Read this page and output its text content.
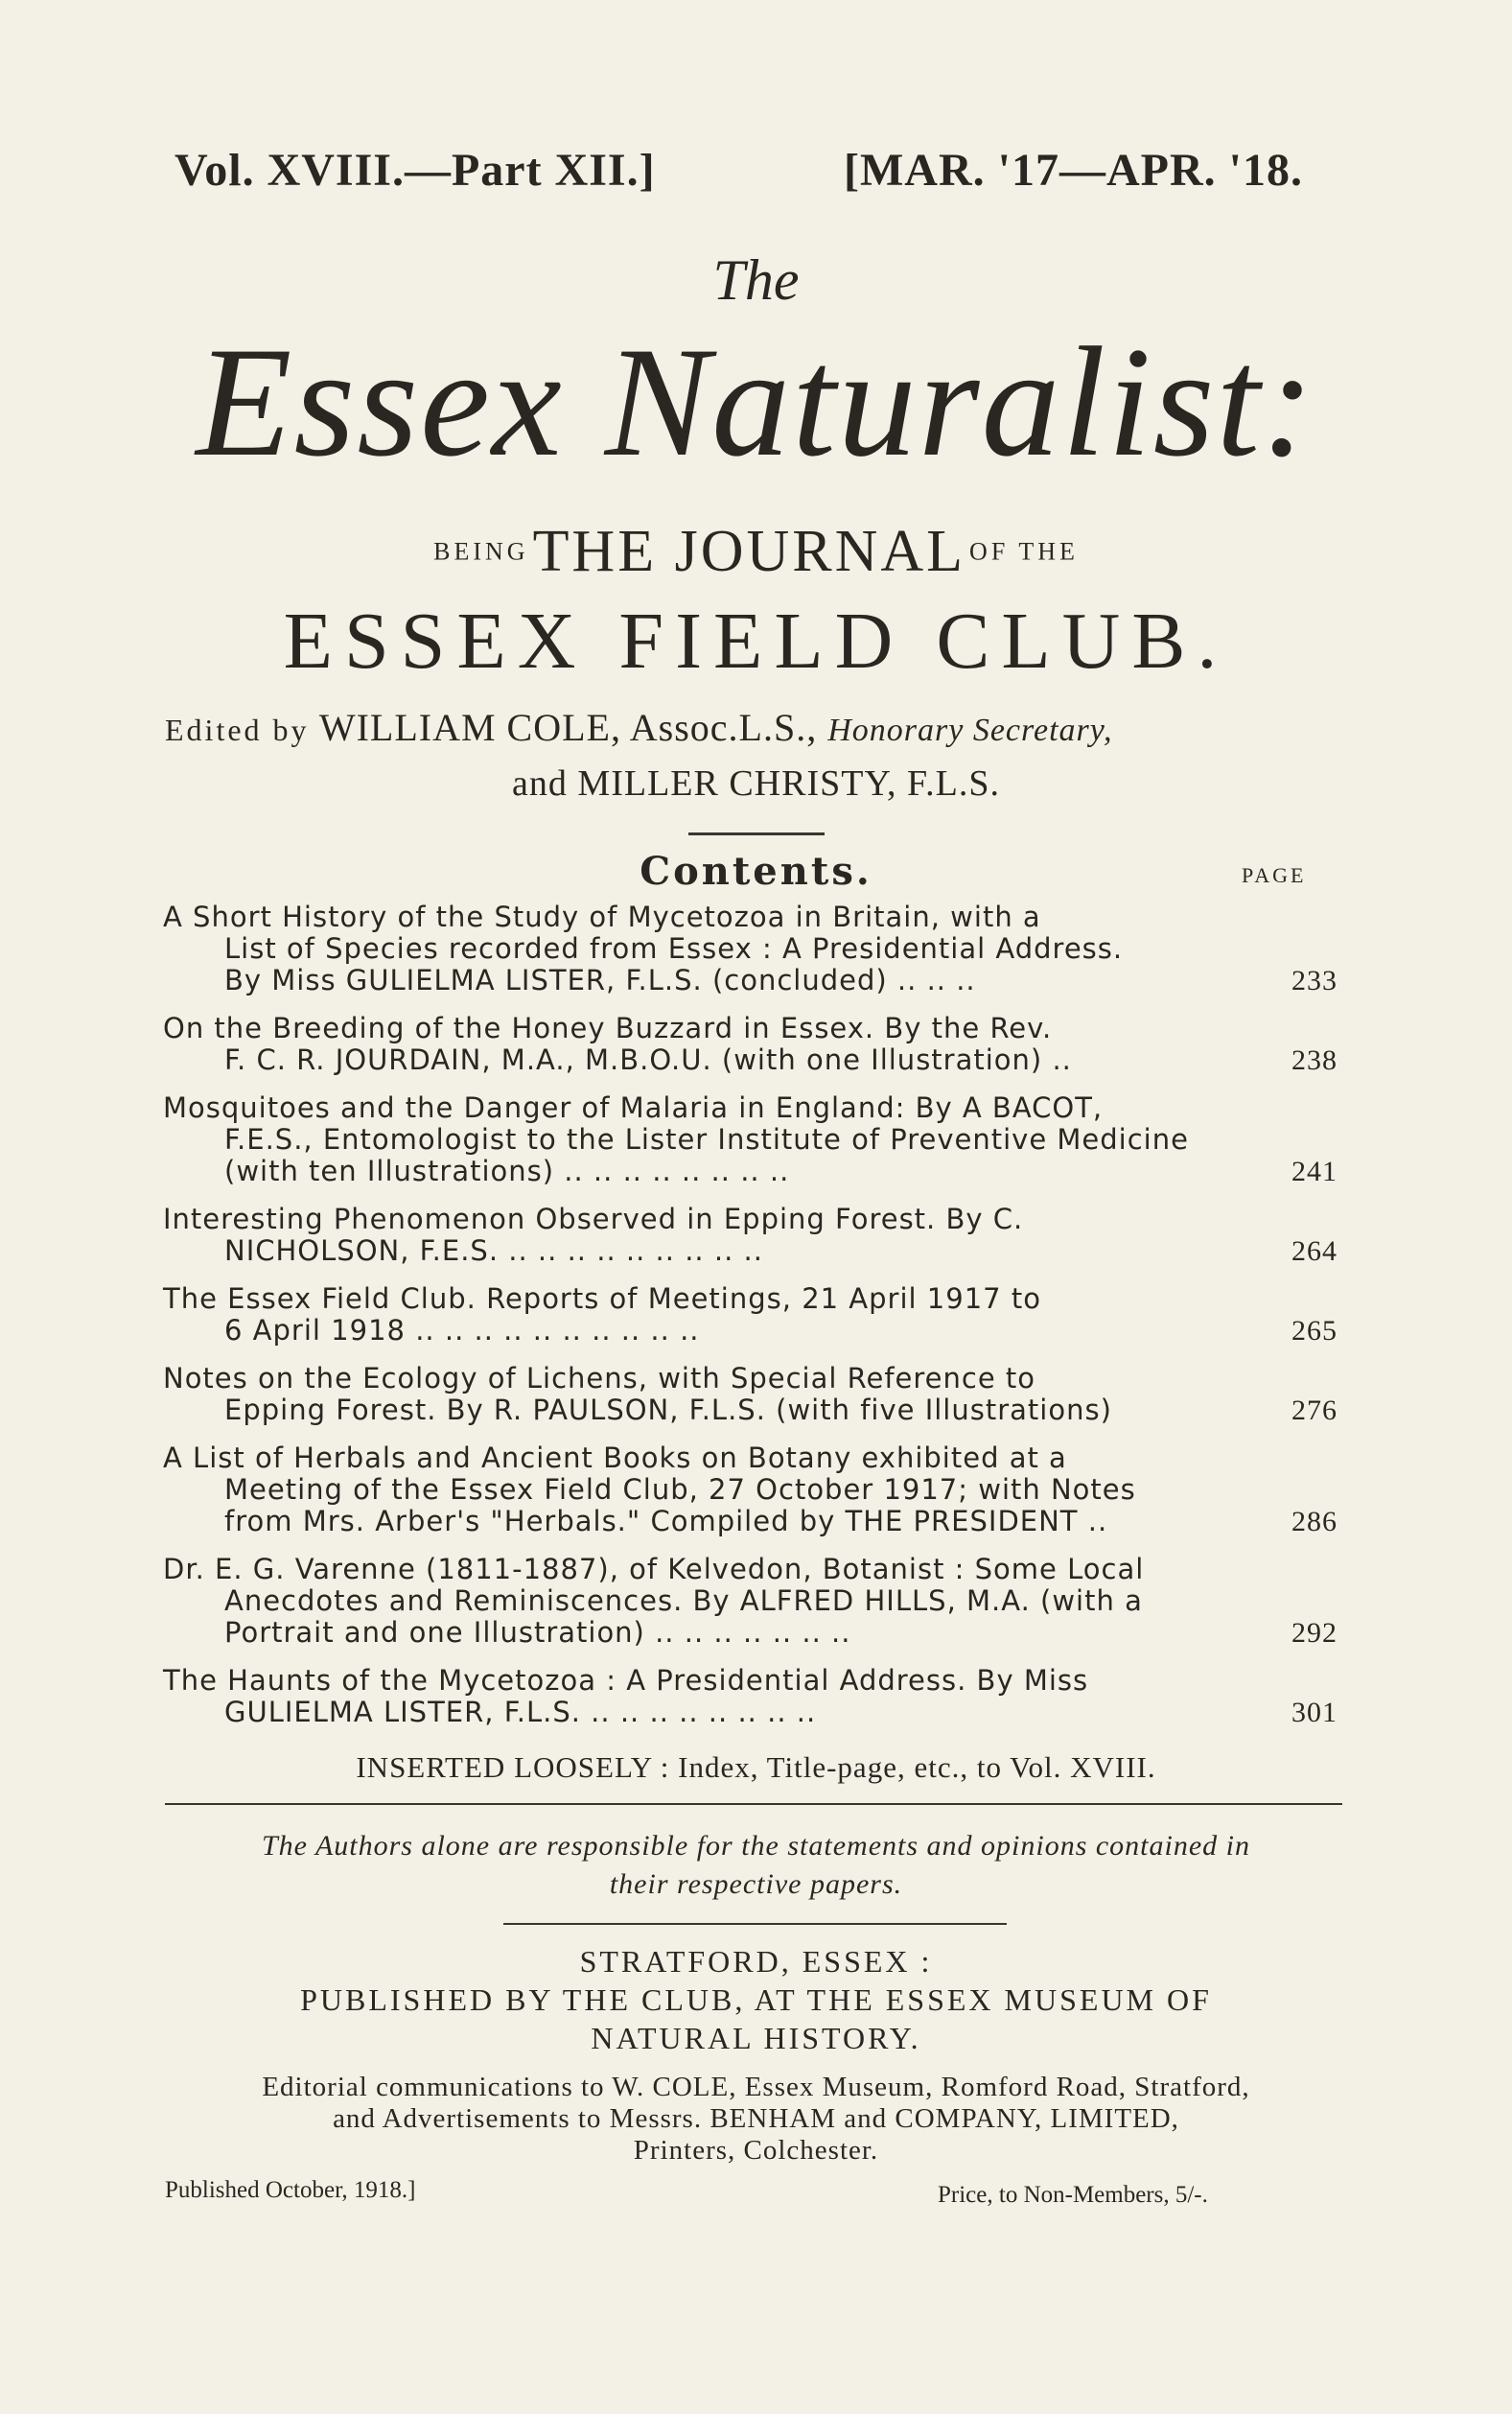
Vol. XVIII.—Part XII.]	[MAR. '17—APR. '18.
The
Essex Naturalist:
BEING THE JOURNAL OF THE
ESSEX FIELD CLUB.
Edited by WILLIAM COLE, Assoc.L.S., Honorary Secretary,
and MILLER CHRISTY, F.L.S.
Contents.	PAGE
A Short History of the Study of Mycetozoa in Britain, with a
List of Species recorded from Essex : A Presidential Address.
By Miss GULIELMA LISTER, F.L.S. (concluded) .. .. ..	233
On the Breeding of the Honey Buzzard in Essex. By the Rev.
F. C. R. JOURDAIN, M.A., M.B.O.U. (with one Illustration) ..	238
Mosquitoes and the Danger of Malaria in England: By A BACOT,
F.E.S., Entomologist to the Lister Institute of Preventive Medicine
(with ten Illustrations) .. .. .. .. .. .. .. ..	241
Interesting Phenomenon Observed in Epping Forest. By C.
NICHOLSON, F.E.S. .. .. .. .. .. .. .. .. ..	264
The Essex Field Club. Reports of Meetings, 21 April 1917 to
6 April 1918 .. .. .. .. .. .. .. .. .. ..	265
Notes on the Ecology of Lichens, with Special Reference to
Epping Forest. By R. PAULSON, F.L.S. (with five Illustrations)	276
A List of Herbals and Ancient Books on Botany exhibited at a
Meeting of the Essex Field Club, 27 October 1917; with Notes
from Mrs. Arber's "Herbals." Compiled by THE PRESIDENT ..	286
Dr. E. G. Varenne (1811-1887), of Kelvedon, Botanist : Some Local
Anecdotes and Reminiscences. By ALFRED HILLS, M.A. (with a
Portrait and one Illustration) .. .. .. .. .. .. ..	292
The Haunts of the Mycetozoa : A Presidential Address. By Miss
GULIELMA LISTER, F.L.S. .. .. .. .. .. .. .. ..	301
INSERTED LOOSELY : Index, Title-page, etc., to Vol. XVIII.
The Authors alone are responsible for the statements and opinions contained in
their respective papers.
STRATFORD, ESSEX :
PUBLISHED BY THE CLUB, AT THE ESSEX MUSEUM OF
NATURAL HISTORY.
Editorial communications to W. COLE, Essex Museum, Romford Road, Stratford,
and Advertisements to Messrs. BENHAM and COMPANY, LIMITED,
Printers, Colchester.
Published October, 1918.]	Price, to Non-Members, 5/-.
